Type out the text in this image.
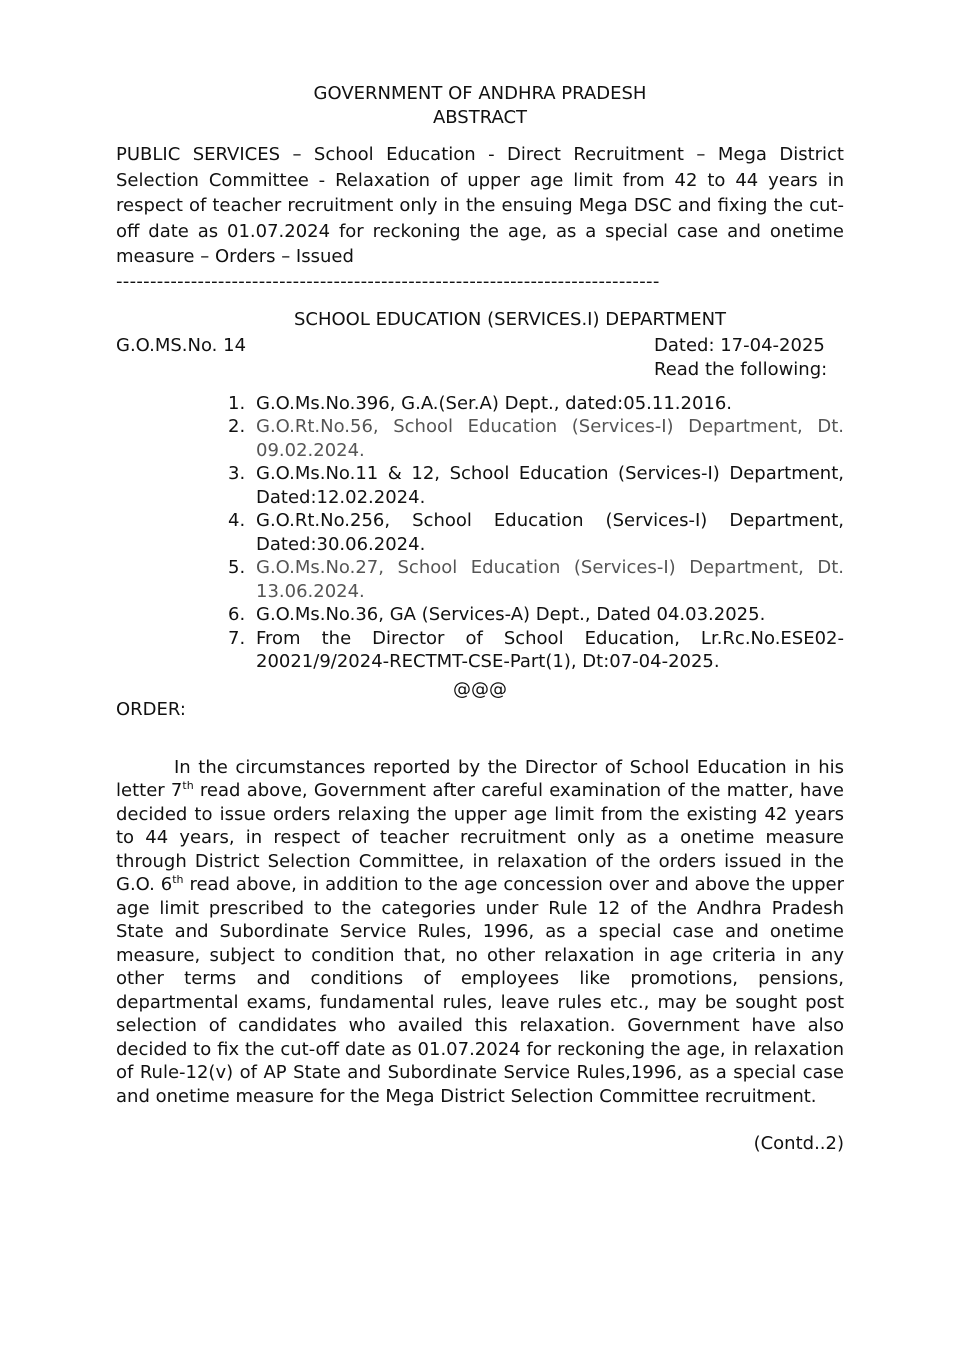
GOVERNMENT OF ANDHRA PRADESH
ABSTRACT
PUBLIC SERVICES – School Education - Direct Recruitment – Mega District Selection Committee - Relaxation of upper age limit from 42 to 44 years in respect of teacher recruitment only in the ensuing Mega DSC and fixing the cut-off date as 01.07.2024 for reckoning the age, as a special case and onetime measure – Orders – Issued
--------------------------------------------------------------------------------
SCHOOL EDUCATION (SERVICES.I) DEPARTMENT
G.O.MS.No. 14	Dated: 17-04-2025
Read the following:
1. G.O.Ms.No.396, G.A.(Ser.A) Dept., dated:05.11.2016.
2. G.O.Rt.No.56, School Education (Services-I) Department, Dt. 09.02.2024.
3. G.O.Ms.No.11 & 12, School Education (Services-I) Department, Dated:12.02.2024.
4. G.O.Rt.No.256, School Education (Services-I) Department, Dated:30.06.2024.
5. G.O.Ms.No.27, School Education (Services-I) Department, Dt. 13.06.2024.
6. G.O.Ms.No.36, GA (Services-A) Dept., Dated 04.03.2025.
7. From the Director of School Education, Lr.Rc.No.ESE02-20021/9/2024-RECTMT-CSE-Part(1), Dt:07-04-2025.
@@@
ORDER:
In the circumstances reported by the Director of School Education in his letter 7th read above, Government after careful examination of the matter, have decided to issue orders relaxing the upper age limit from the existing 42 years to 44 years, in respect of teacher recruitment only as a onetime measure through District Selection Committee, in relaxation of the orders issued in the G.O. 6th read above, in addition to the age concession over and above the upper age limit prescribed to the categories under Rule 12 of the Andhra Pradesh State and Subordinate Service Rules, 1996, as a special case and onetime measure, subject to condition that, no other relaxation in age criteria in any other terms and conditions of employees like promotions, pensions, departmental exams, fundamental rules, leave rules etc., may be sought post selection of candidates who availed this relaxation. Government have also decided to fix the cut-off date as 01.07.2024 for reckoning the age, in relaxation of Rule-12(v) of AP State and Subordinate Service Rules,1996, as a special case and onetime measure for the Mega District Selection Committee recruitment.
(Contd..2)
